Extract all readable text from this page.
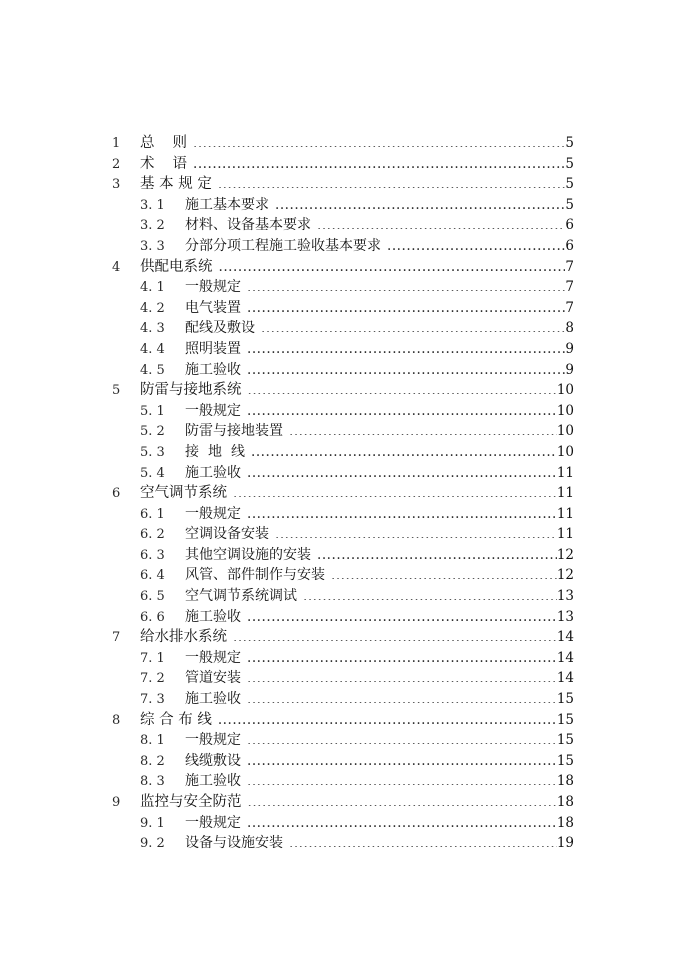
1	总 则 .....	5
2	术 语 .....	5
3	基 本 规 定 .....	5
3. 1	施工基本要求 .....	5
3. 2	材料、设备基本要求 .....	6
3. 3	分部分项工程施工验收基本要求 .....	6
4	供配电系统 .....	7
4. 1	一般规定 .....	7
4. 2	电气装置 .....	7
4. 3	配线及敷设 .....	8
4. 4	照明装置 .....	9
4. 5	施工验收 .....	9
5	防雷与接地系统 .....	10
5. 1	一般规定 .....	10
5. 2	防雷与接地装置 .....	10
5. 3	接 地 线 .....	10
5. 4	施工验收 .....	11
6	空气调节系统 .....	11
6. 1	一般规定 .....	11
6. 2	空调设备安装 .....	11
6. 3	其他空调设施的安装 .....	12
6. 4	风管、部件制作与安装 .....	12
6. 5	空气调节系统调试 .....	13
6. 6	施工验收 .....	13
7	给水排水系统 .....	14
7. 1	一般规定 .....	14
7. 2	管道安装 .....	14
7. 3	施工验收 .....	15
8	综 合 布 线 .....	15
8. 1	一般规定 .....	15
8. 2	线缆敷设 .....	15
8. 3	施工验收 .....	18
9	监控与安全防范 .....	18
9. 1	一般规定 .....	18
9. 2	设备与设施安装 .....	19
